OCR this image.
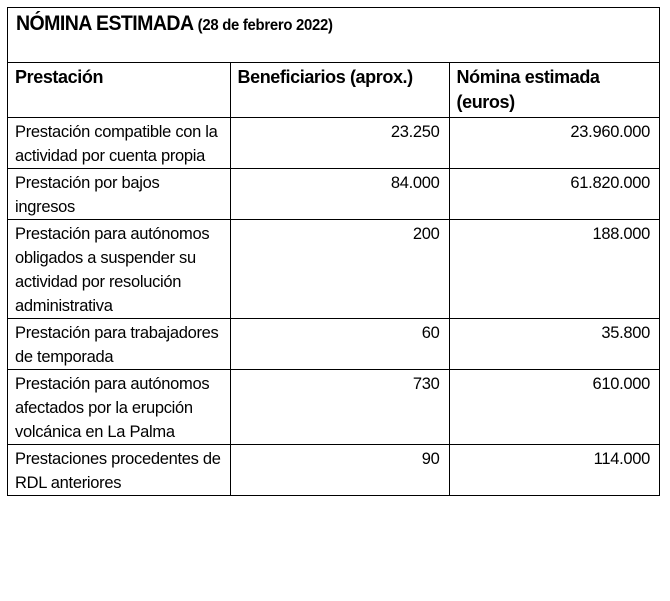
NÓMINA ESTIMADA (28 de febrero 2022)
Prestación	Beneficiarios (aprox.)	Nómina estimada (euros)
Prestación compatible con la actividad por cuenta propia	23.250	23.960.000
Prestación por bajos ingresos	84.000	61.820.000
Prestación para autónomos obligados a suspender su actividad por resolución administrativa	200	188.000
Prestación para trabajadores de temporada	60	35.800
Prestación para autónomos afectados por la erupción volcánica en La Palma	730	610.000
Prestaciones procedentes de RDL anteriores	90	114.000
